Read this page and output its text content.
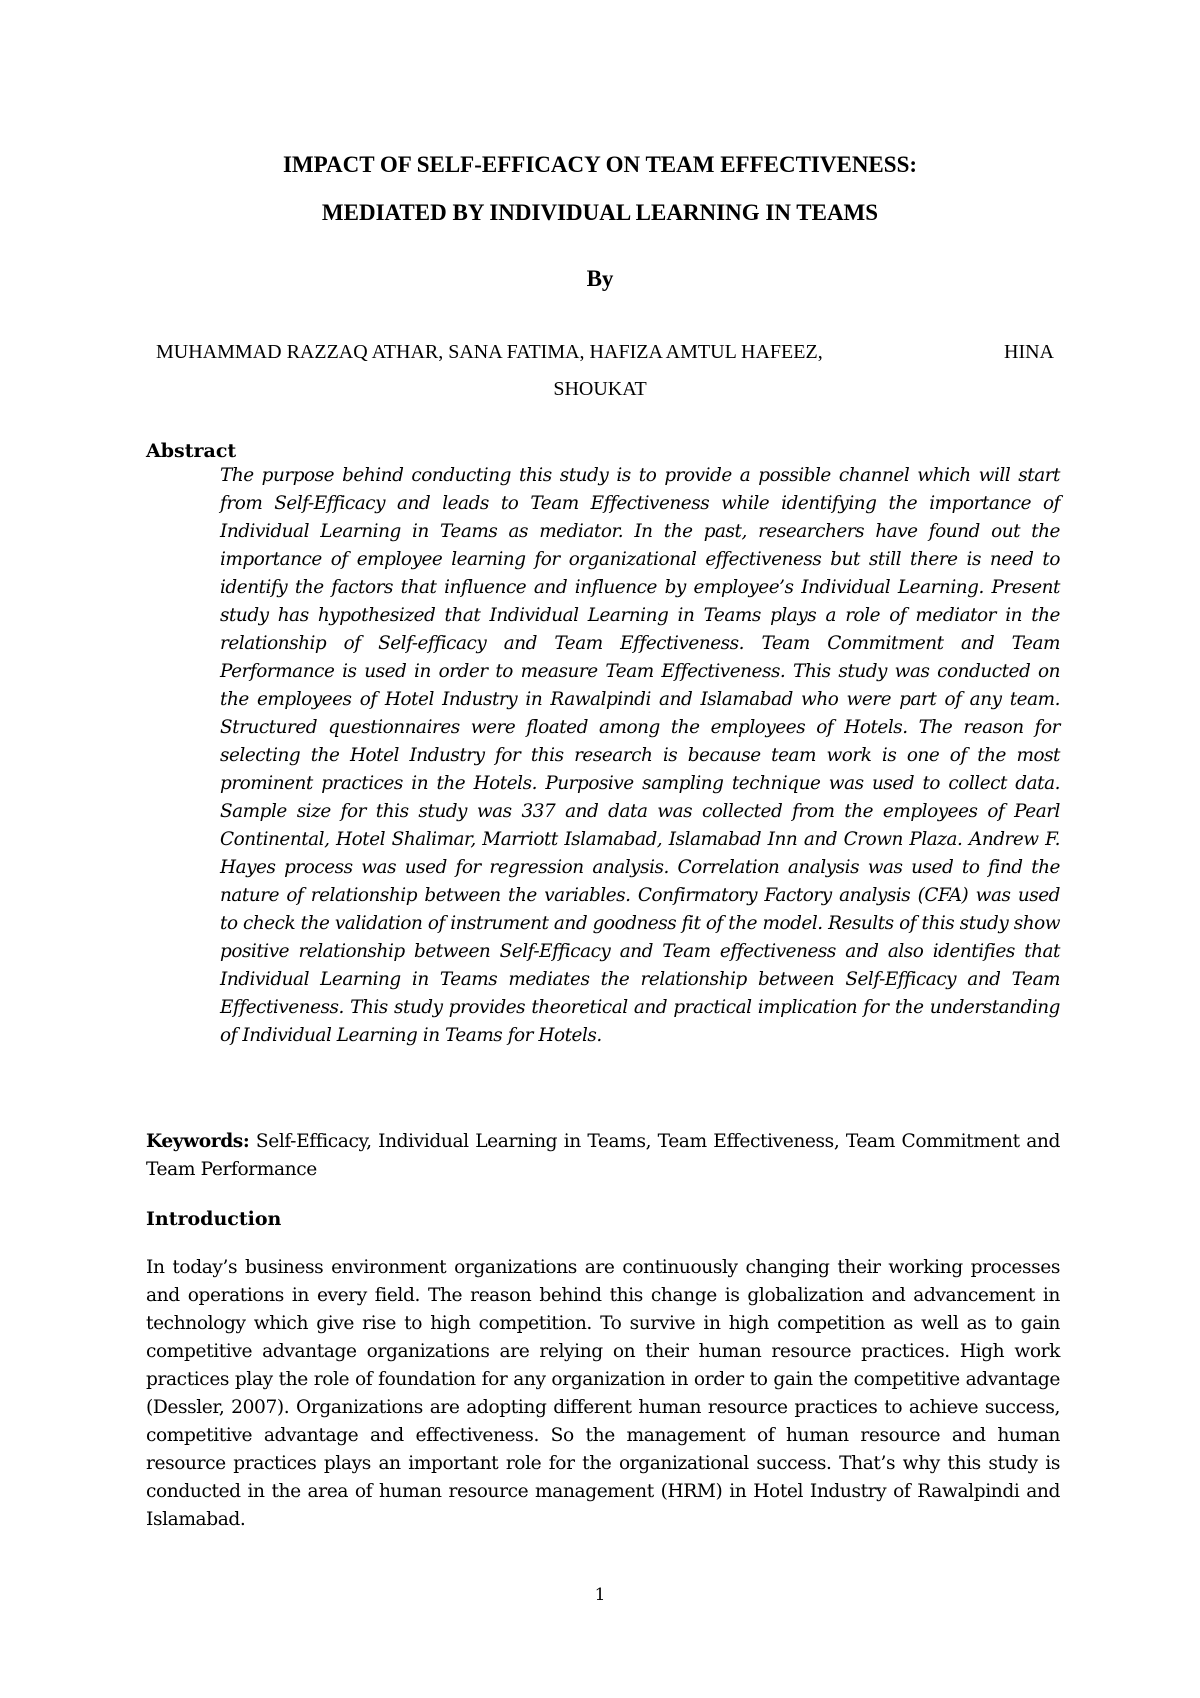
IMPACT OF SELF-EFFICACY ON TEAM EFFECTIVENESS:
MEDIATED BY INDIVIDUAL LEARNING IN TEAMS

By

MUHAMMAD RAZZAQ ATHAR, SANA FATIMA, HAFIZA AMTUL HAFEEZ,	HINA
SHOUKAT
Abstract

The purpose behind conducting this study is to provide a possible channel which will start from Self-Efficacy and leads to Team Effectiveness while identifying the importance of Individual Learning in Teams as mediator. In the past, researchers have found out the importance of employee learning for organizational effectiveness but still there is need to identify the factors that influence and influence by employee’s Individual Learning. Present study has hypothesized that Individual Learning in Teams plays a role of mediator in the relationship of Self-efficacy and Team Effectiveness. Team Commitment and Team Performance is used in order to measure Team Effectiveness. This study was conducted on the employees of Hotel Industry in Rawalpindi and Islamabad who were part of any team. Structured questionnaires were floated among the employees of Hotels. The reason for selecting the Hotel Industry for this research is because team work is one of the most prominent practices in the Hotels. Purposive sampling technique was used to collect data. Sample size for this study was 337 and data was collected from the employees of Pearl Continental, Hotel Shalimar, Marriott Islamabad, Islamabad Inn and Crown Plaza. Andrew F. Hayes process was used for regression analysis. Correlation analysis was used to find the nature of relationship between the variables. Confirmatory Factory analysis (CFA) was used to check the validation of instrument and goodness fit of the model. Results of this study show positive relationship between Self-Efficacy and Team effectiveness and also identifies that Individual Learning in Teams mediates the relationship between Self-Efficacy and Team Effectiveness. This study provides theoretical and practical implication for the understanding of Individual Learning in Teams for Hotels.

Keywords: Self-Efficacy, Individual Learning in Teams, Team Effectiveness, Team Commitment and Team Performance

Introduction

In today’s business environment organizations are continuously changing their working processes and operations in every field. The reason behind this change is globalization and advancement in technology which give rise to high competition. To survive in high competition as well as to gain competitive advantage organizations are relying on their human resource practices. High work practices play the role of foundation for any organization in order to gain the competitive advantage (Dessler, 2007). Organizations are adopting different human resource practices to achieve success, competitive advantage and effectiveness. So the management of human resource and human resource practices plays an important role for the organizational success. That’s why this study is conducted in the area of human resource management (HRM) in Hotel Industry of Rawalpindi and Islamabad.

1
